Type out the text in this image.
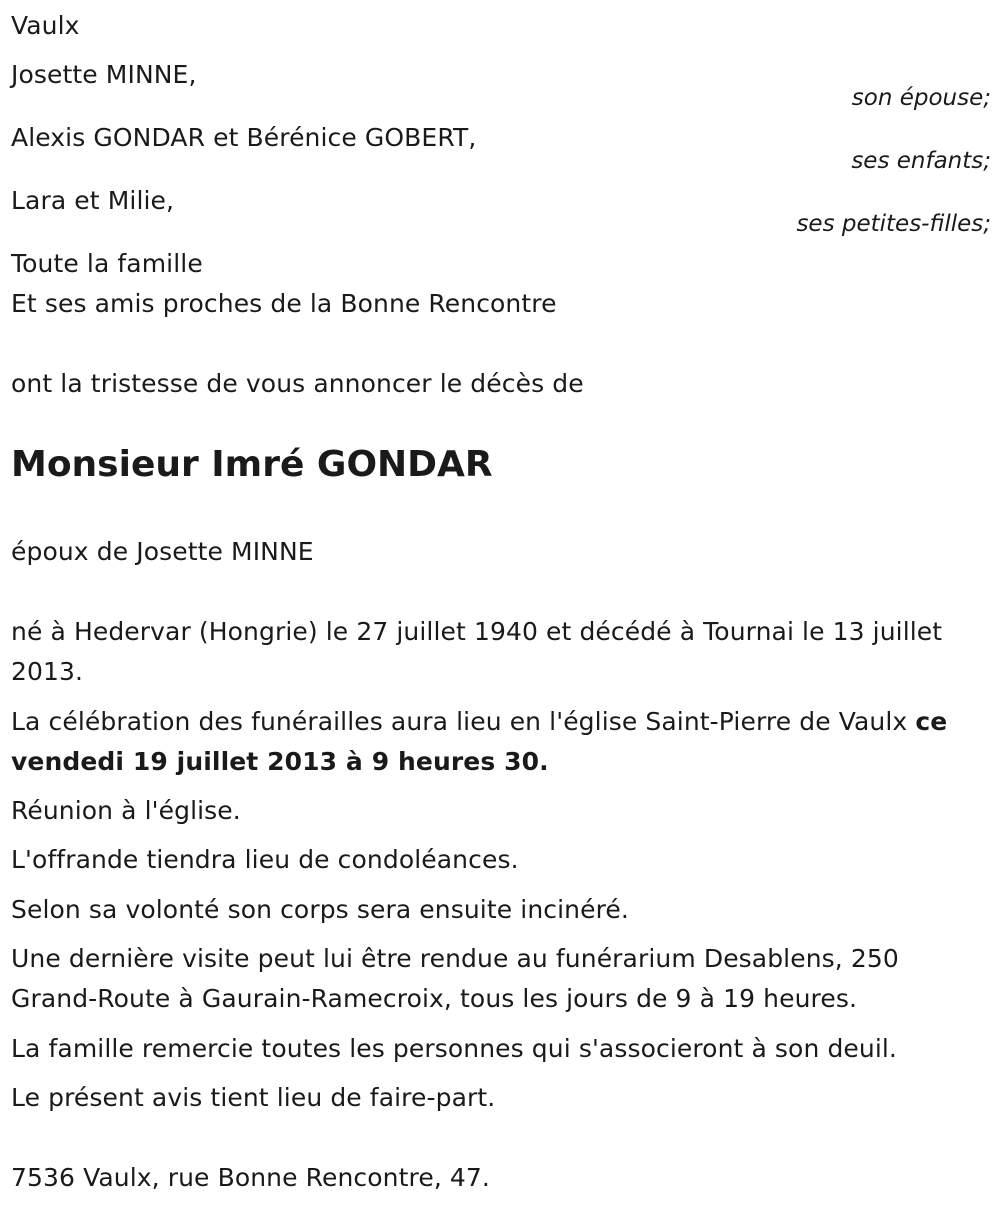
Vaulx
Josette MINNE,
son épouse;
Alexis GONDAR et Bérénice GOBERT,
ses enfants;
Lara et Milie,
ses petites-filles;
Toute la famille
Et ses amis proches de la Bonne Rencontre
ont la tristesse de vous annoncer le décès de
Monsieur Imré GONDAR
époux de Josette MINNE
né à Hedervar (Hongrie) le 27 juillet 1940 et décédé à Tournai le 13 juillet 2013.
La célébration des funérailles aura lieu en l'église Saint-Pierre de Vaulx ce vendedi 19 juillet 2013 à 9 heures 30.
Réunion à l'église.
L'offrande tiendra lieu de condoléances.
Selon sa volonté son corps sera ensuite incinéré.
Une dernière visite peut lui être rendue au funérarium Desablens, 250 Grand-Route à Gaurain-Ramecroix, tous les jours de 9 à 19 heures.
La famille remercie toutes les personnes qui s'associeront à son deuil.
Le présent avis tient lieu de faire-part.
7536 Vaulx, rue Bonne Rencontre, 47.
